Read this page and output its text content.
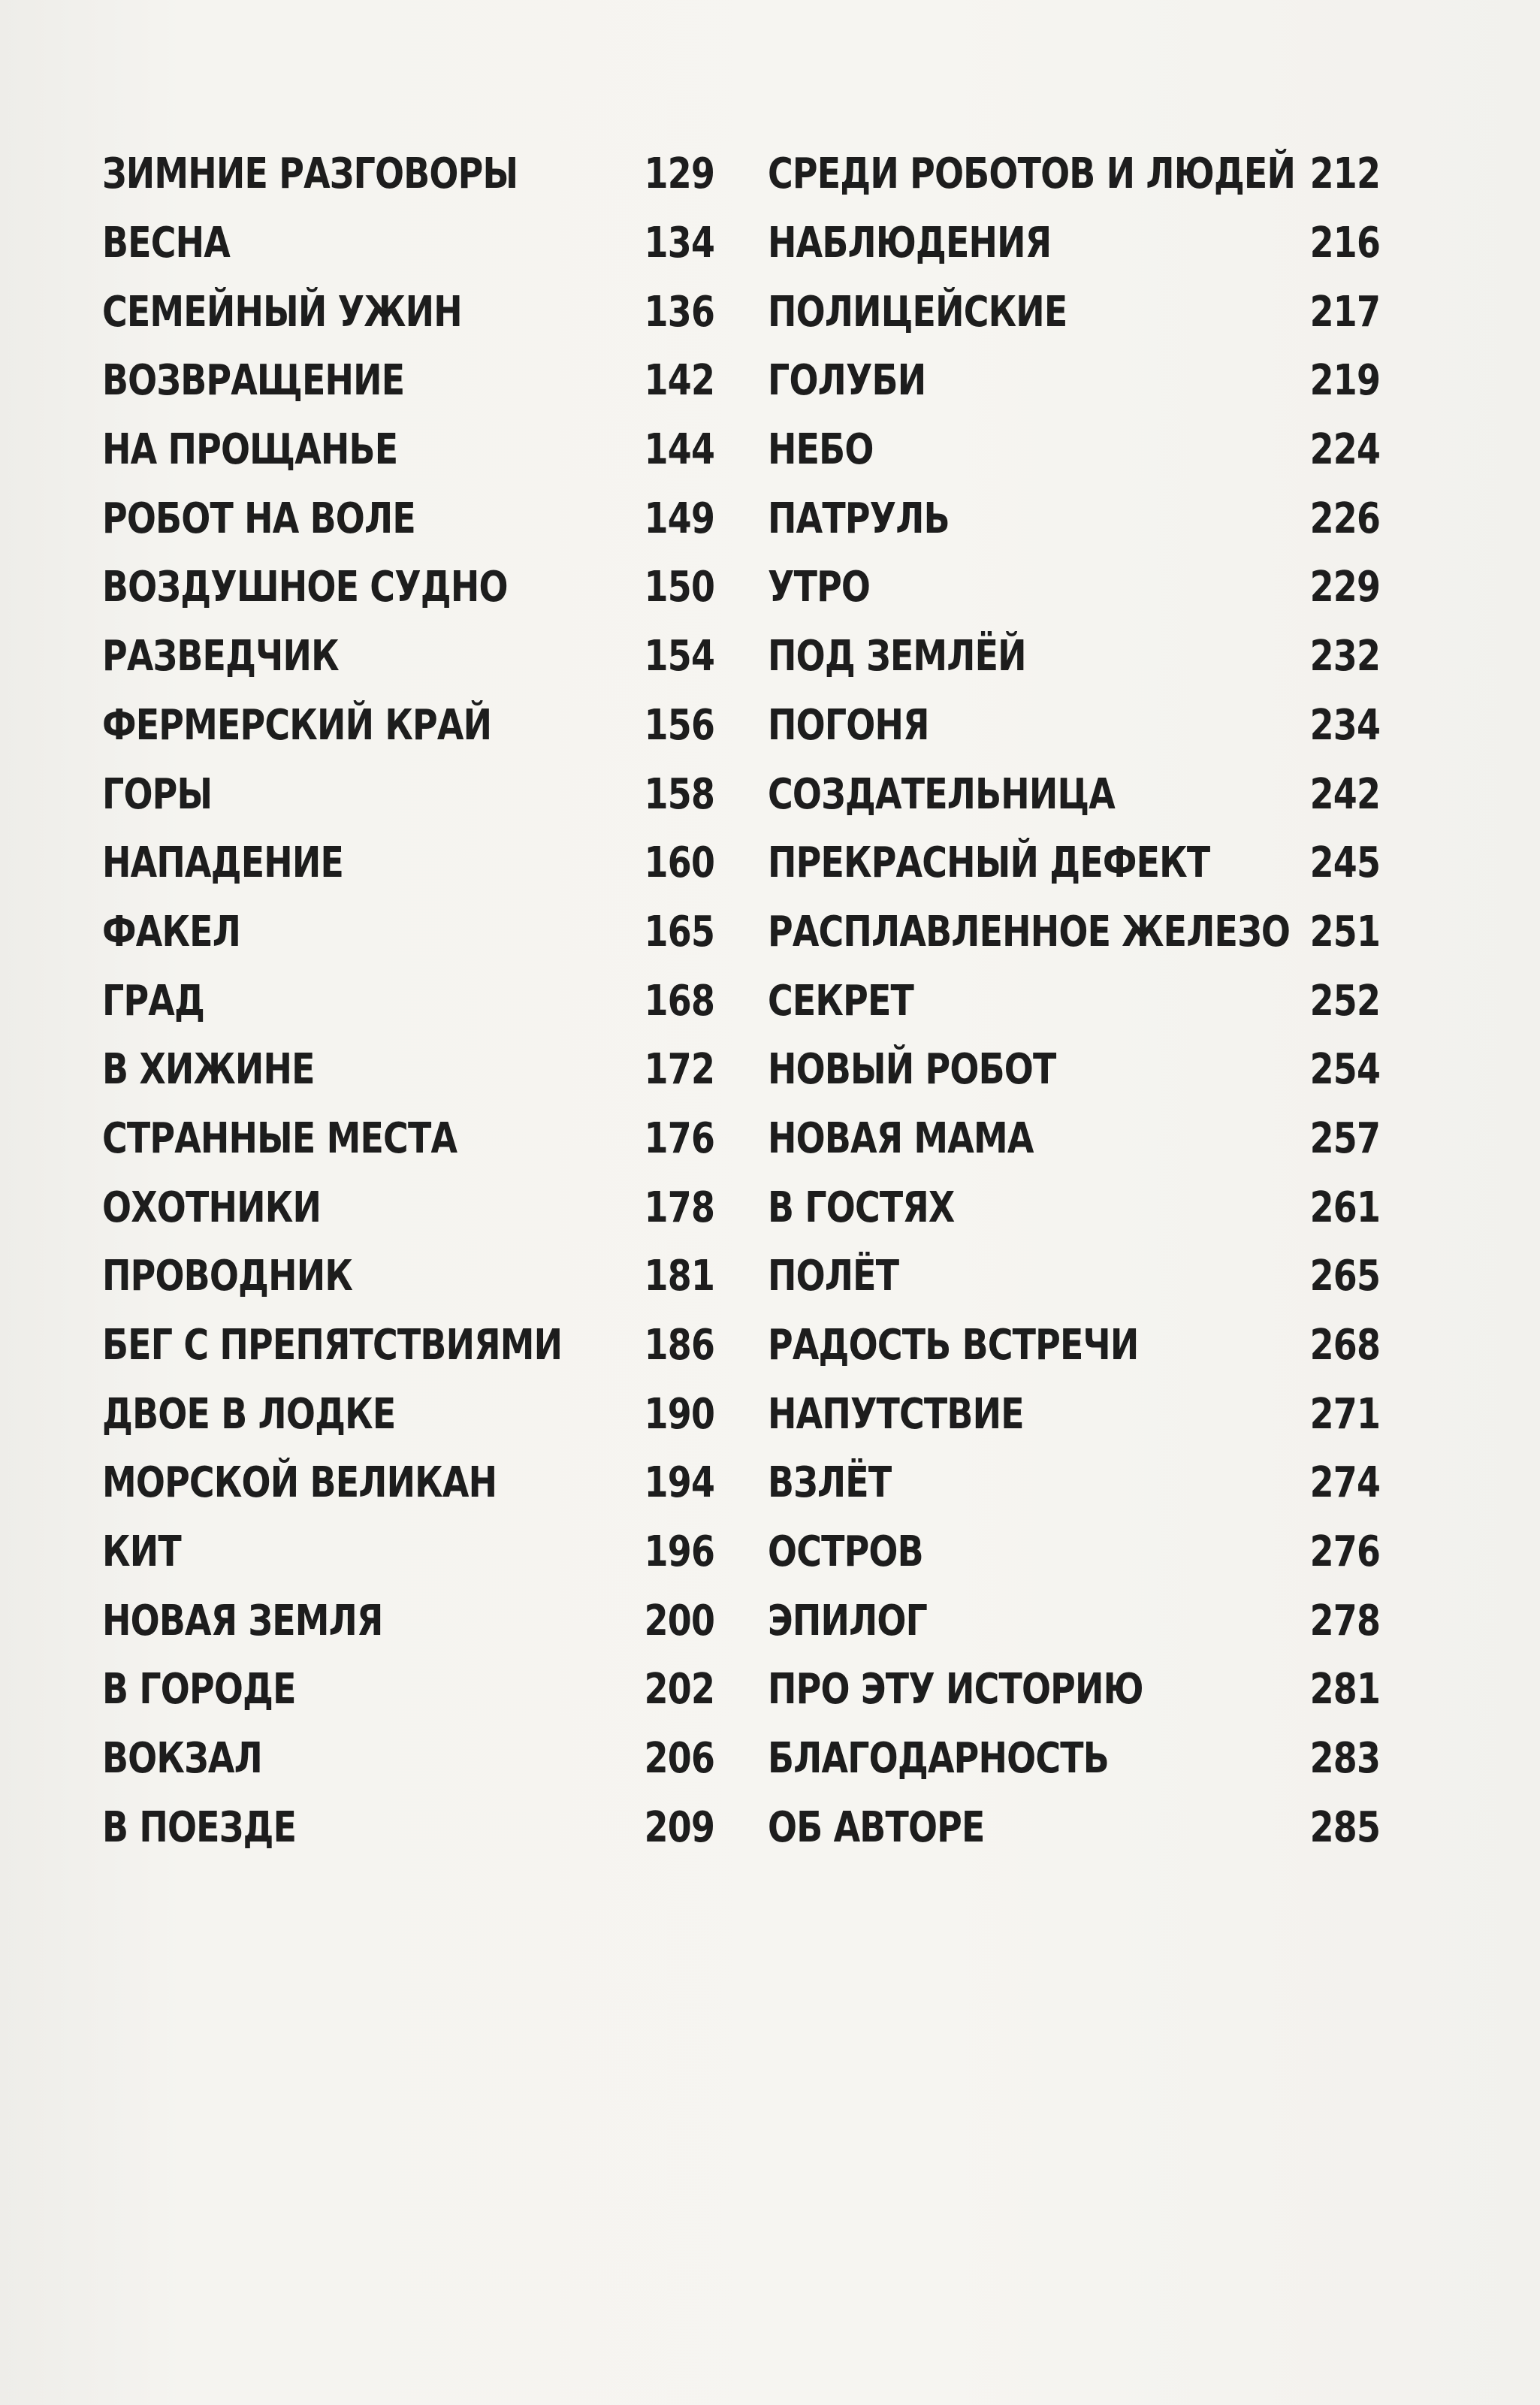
ЗИМНИЕ РАЗГОВОРЫ	129
ВЕСНА	134
СЕМЕЙНЫЙ УЖИН	136
ВОЗВРАЩЕНИЕ	142
НА ПРОЩАНЬЕ	144
РОБОТ НА ВОЛЕ	149
ВОЗДУШНОЕ СУДНО	150
РАЗВЕДЧИК	154
ФЕРМЕРСКИЙ КРАЙ	156
ГОРЫ	158
НАПАДЕНИЕ	160
ФАКЕЛ	165
ГРАД	168
В ХИЖИНЕ	172
СТРАННЫЕ МЕСТА	176
ОХОТНИКИ	178
ПРОВОДНИК	181
БЕГ С ПРЕПЯТСТВИЯМИ 186
ДВОЕ В ЛОДКЕ	190
МОРСКОЙ ВЕЛИКАН	194
КИТ	196
НОВАЯ ЗЕМЛЯ	200
В ГОРОДЕ	202
ВОКЗАЛ	206
В ПОЕЗДЕ	209
СРЕДИ РОБОТОВ И ЛЮДЕЙ 212
НАБЛЮДЕНИЯ	216
ПОЛИЦЕЙСКИЕ	217
ГОЛУБИ	219
НЕБО	224
ПАТРУЛЬ	226
УТРО	229
ПОД ЗЕМЛЁЙ	232
ПОГОНЯ	234
СОЗДАТЕЛЬНИЦА	242
ПРЕКРАСНЫЙ ДЕФЕКТ 245
РАСПЛАВЛЕННОЕ ЖЕЛЕЗО 251
СЕКРЕТ	252
НОВЫЙ РОБОТ	254
НОВАЯ МАМА	257
В ГОСТЯХ	261
ПОЛЁТ	265
РАДОСТЬ ВСТРЕЧИ	268
НАПУТСТВИЕ	271
ВЗЛЁТ	274
ОСТРОВ	276
ЭПИЛОГ	278
ПРО ЭТУ ИСТОРИЮ	281
БЛАГОДАРНОСТЬ	283
ОБ АВТОРЕ	285
